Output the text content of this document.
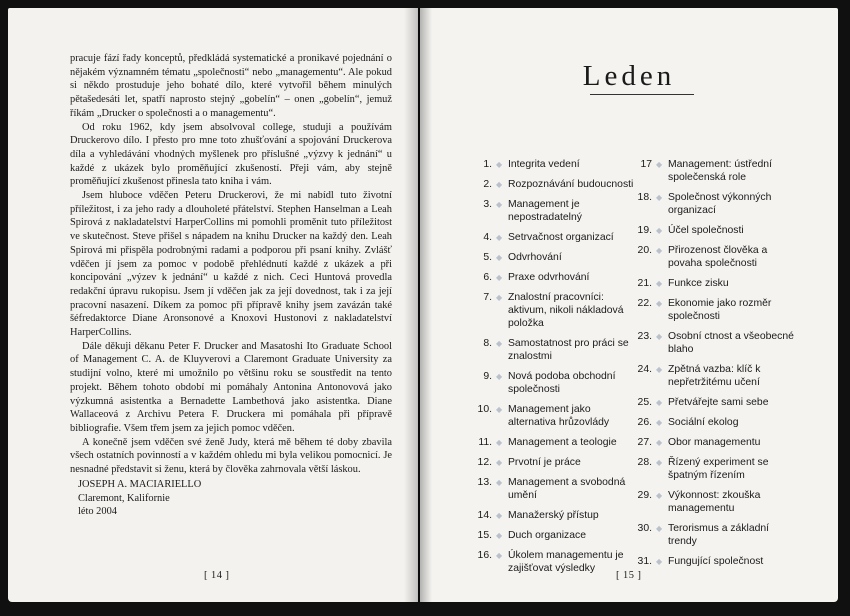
pracuje fází řady konceptů, předkládá systematické a pronikavé pojednání o nějakém významném tématu „společnosti“ nebo „managementu“. Ale pokud si někdo prostuduje jeho bohaté dílo, které vytvořil během minulých pětašedesáti let, spatří naprosto stejný „gobelín“ – onen „gobelín“, jemuž říkám „Drucker o společnosti a o managementu“.

Od roku 1962, kdy jsem absolvoval college, studuji a používám Druckerovo dílo. I přesto pro mne toto zhušťování a spojování Druckerova díla a vyhledávání vhodných myšlenek pro příslušné „výzvy k jednání“ u každé z ukázek bylo proměňující zkušeností. Přeji vám, aby stejně proměňující zkušenost přinesla tato kniha i vám.

Jsem hluboce vděčen Peteru Druckerovi, že mi nabídl tuto životní příležitost, i za jeho rady a dlouholeté přátelství. Stephen Hanselman a Leah Spirová z nakladatelství HarperCollins mi pomohli proměnit tuto příležitost ve skutečnost. Steve přišel s nápadem na knihu Drucker na každý den. Leah Spirová mi přispěla podrobnými radami a podporou při psaní knihy. Zvlášť vděčen jí jsem za pomoc v podobě přehlédnutí každé z ukázek a při koncipování „výzev k jednání“ u každé z nich. Ceci Huntová provedla redakční úpravu rukopisu. Jsem jí vděčen jak za její dovednost, tak i za její pracovní nasazení. Díkem za pomoc při přípravě knihy jsem zavázán také šéfredaktorce Diane Aronsonové a Knoxovi Hustonovi z nakladatelství HarperCollins.

Dále děkuji děkanu Peter F. Drucker and Masatoshi Ito Graduate School of Management C. A. de Kluyverovi a Claremont Graduate University za studijní volno, které mi umožnilo po většinu roku se soustředit na tento projekt. Během tohoto období mi pomáhaly Antonina Antonovová jako výzkumná asistentka a Bernadette Lambethová jako asistentka. Diane Wallaceová z Archivu Petera F. Druckera mi pomáhala při přípravě bibliografie. Všem třem jsem za jejich pomoc vděčen.

A konečně jsem vděčen své ženě Judy, která mě během té doby zbavila všech ostatních povinností a v každém ohledu mi byla velikou pomocnicí. Je nesnadné představit si ženu, která by člověka zahrnovala větší láskou.

JOSEPH A. MACIARIELLO
Claremont, Kalifornie
léto 2004
[ 14 ]
Leden
1. ◆ Integrita vedení
2. ◆ Rozpoznávání budoucnosti
3. ◆ Management je nepostradatelný
4. ◆ Setrvačnost organizací
5. ◆ Odvrhování
6. ◆ Praxe odvrhování
7. ◆ Znalostní pracovníci: aktivum, nikoli nákladová položka
8. ◆ Samostatnost pro práci se znalostmi
9. ◆ Nová podoba obchodní společnosti
10. ◆ Management jako alternativa hrůzovlády
11. ◆ Management a teologie
12. ◆ Prvotní je práce
13. ◆ Management a svobodná umění
14. ◆ Manažerský přístup
15. ◆ Duch organizace
16. ◆ Úkolem managementu je zajišťovat výsledky
17 ◆ Management: ústřední společenská role
18. ◆ Společnost výkonných organizací
19. ◆ Účel společnosti
20. ◆ Přirozenost člověka a povaha společnosti
21. ◆ Funkce zisku
22. ◆ Ekonomie jako rozměr společnosti
23. ◆ Osobní ctnost a všeobecné blaho
24. ◆ Zpětná vazba: klíč k nepřetržitému učení
25. ◆ Přetvářejte sami sebe
26. ◆ Sociální ekolog
27. ◆ Obor managementu
28. ◆ Řízený experiment se špatným řízením
29. ◆ Výkonnost: zkouška managementu
30. ◆ Terorismus a základní trendy
31. ◆ Fungující společnost
[ 15 ]
